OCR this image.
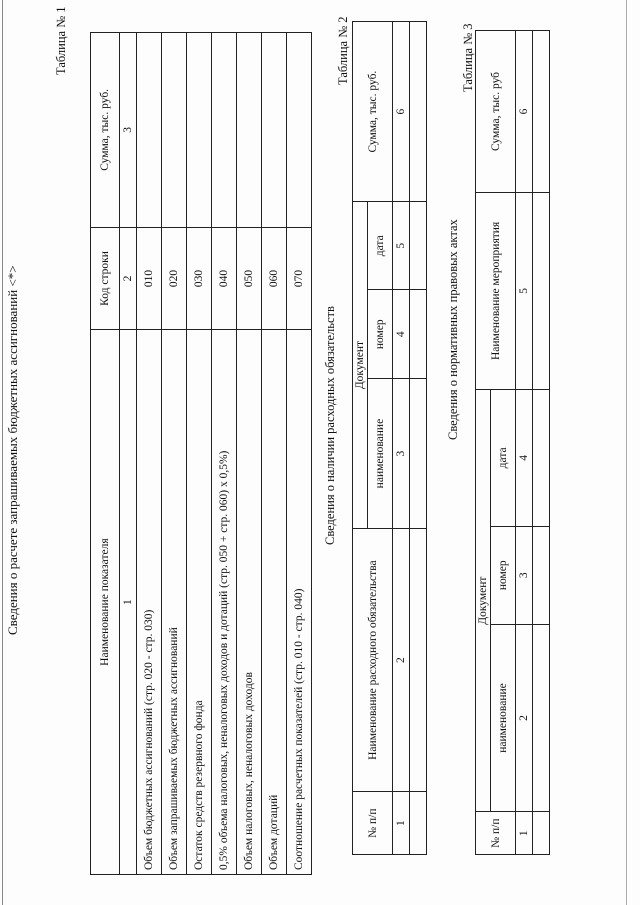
Сведения о расчете запрашиваемых бюджетных ассигнований <*>
Таблица № 1
Наименование показателя	Код строки	Сумма, тыс. руб.
1	2	3
Объем бюджетных ассигнований (стр. 020 - стр. 030)	010	
Объем запрашиваемых бюджетных ассигнований	020	
Остаток средств резервного фонда	030	
0,5% объема налоговых, неналоговых доходов и дотаций (стр. 050 + стр. 060) x 0,5%)	040	
Объем налоговых, неналоговых доходов	050	
Объем дотаций	060	
Соотношение расчетных показателей (стр. 010 - стр. 040)	070	
Сведения о наличии расходных обязательств
Таблица № 2
№ п/п	Наименование расходного обязательства	Документ			Сумма, тыс. руб.
		наименование	номер	дата	
1	2	3	4	5	6

Сведения о нормативных правовых актах
Таблица № 3
№ п/п	Документ			Наименование мероприятия	Сумма, тыс. руб
	наименование	номер	дата		
1	2	3	4	5	6
